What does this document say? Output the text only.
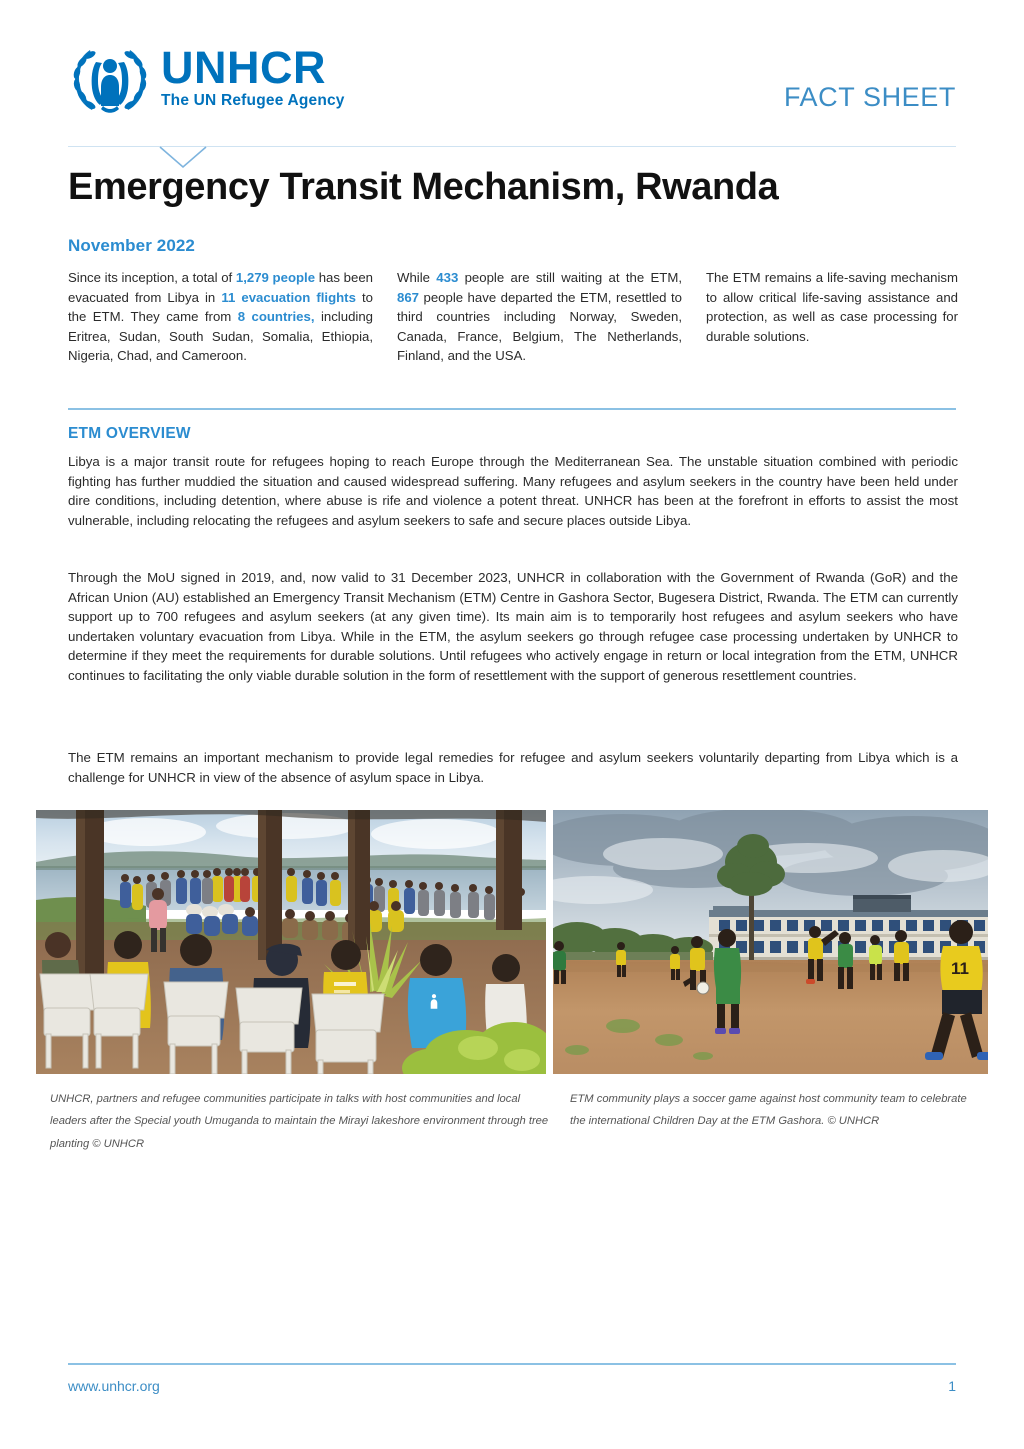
UNHCR
The UN Refugee Agency	FACT SHEET
Emergency Transit Mechanism, Rwanda
November 2022
Since its inception, a total of 1,279 people has been evacuated from Libya in 11 evacuation flights to the ETM. They came from 8 countries, including Eritrea, Sudan, South Sudan, Somalia, Ethiopia, Nigeria, Chad, and Cameroon.
While 433 people are still waiting at the ETM, 867 people have departed the ETM, resettled to third countries including Norway, Sweden, Canada, France, Belgium, The Netherlands, Finland, and the USA.
The ETM remains a life-saving mechanism to allow critical life-saving assistance and protection, as well as case processing for durable solutions.
ETM OVERVIEW

Libya is a major transit route for refugees hoping to reach Europe through the Mediterranean Sea. The unstable situation combined with periodic fighting has further muddied the situation and caused widespread suffering. Many refugees and asylum seekers in the country have been held under dire conditions, including detention, where abuse is rife and violence a potent threat. UNHCR has been at the forefront in efforts to assist the most vulnerable, including relocating the refugees and asylum seekers to safe and secure places outside Libya.

Through the MoU signed in 2019, and, now valid to 31 December 2023, UNHCR in collaboration with the Government of Rwanda (GoR) and the African Union (AU) established an Emergency Transit Mechanism (ETM) Centre in Gashora Sector, Bugesera District, Rwanda. The ETM can currently support up to 700 refugees and asylum seekers (at any given time). Its main aim is to temporarily host refugees and asylum seekers who have undertaken voluntary evacuation from Libya. While in the ETM, the asylum seekers go through refugee case processing undertaken by UNHCR to determine if they meet the requirements for durable solutions. Until refugees who actively engage in return or local integration from the ETM, UNHCR continues to facilitating the only viable durable solution in the form of resettlement with the support of generous resettlement countries.

The ETM remains an important mechanism to provide legal remedies for refugee and asylum seekers voluntarily departing from Libya which is a challenge for UNHCR in view of the absence of asylum space in Libya.

11
UNHCR, partners and refugee communities participate in talks with host communities and local leaders after the Special youth Umuganda to maintain the Mirayi lakeshore environment through tree planting © UNHCR
ETM community plays a soccer game against host community team to celebrate the international Children Day at the ETM Gashora. © UNHCR
www.unhcr.org	1
